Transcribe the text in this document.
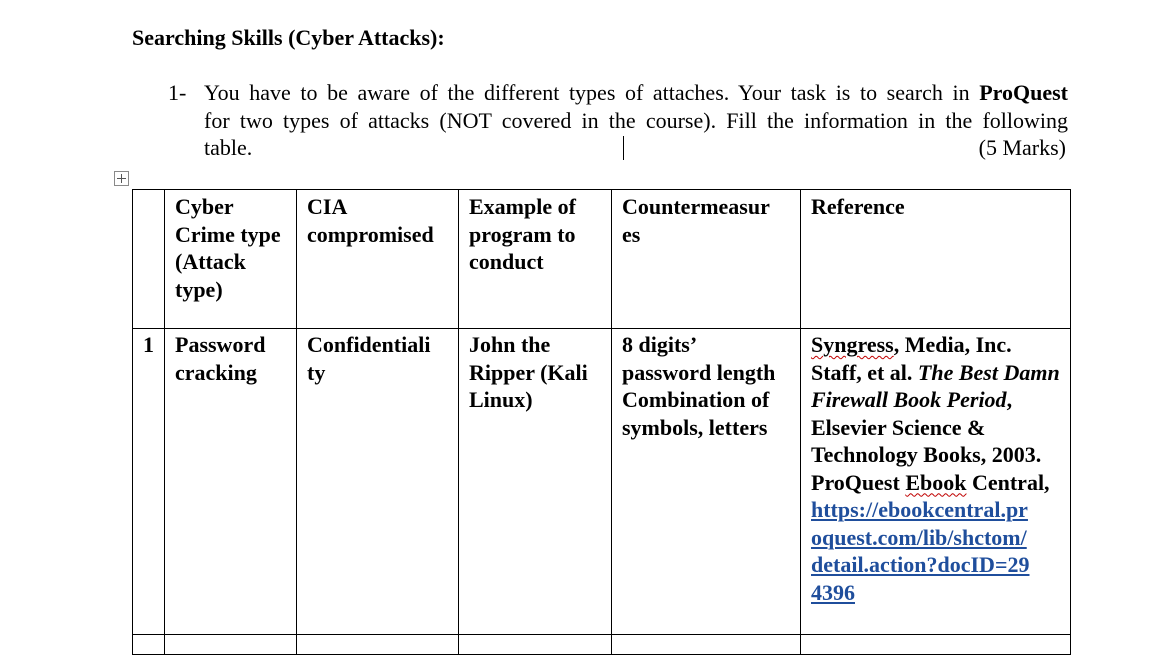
Searching Skills (Cyber Attacks):
1- You have to be aware of the different types of attaches. Your task is to search in ProQuest
for two types of attacks (NOT covered in the course). Fill the information in the following
table.	(5 Marks)
	Cyber Crime type (Attack type)	CIA compromised	Example of program to conduct	Countermeasur
es	Reference
1	Password cracking	Confidentiali
ty	John the Ripper (Kali Linux)	8 digits’ password length Combination of symbols, letters	Syngress, Media, Inc. Staff, et al. The Best Damn Firewall Book Period, Elsevier Science & Technology Books, 2003. ProQuest Ebook Central, https://ebookcentral.pr
oquest.com/lib/shctom/
detail.action?docID=29
4396
